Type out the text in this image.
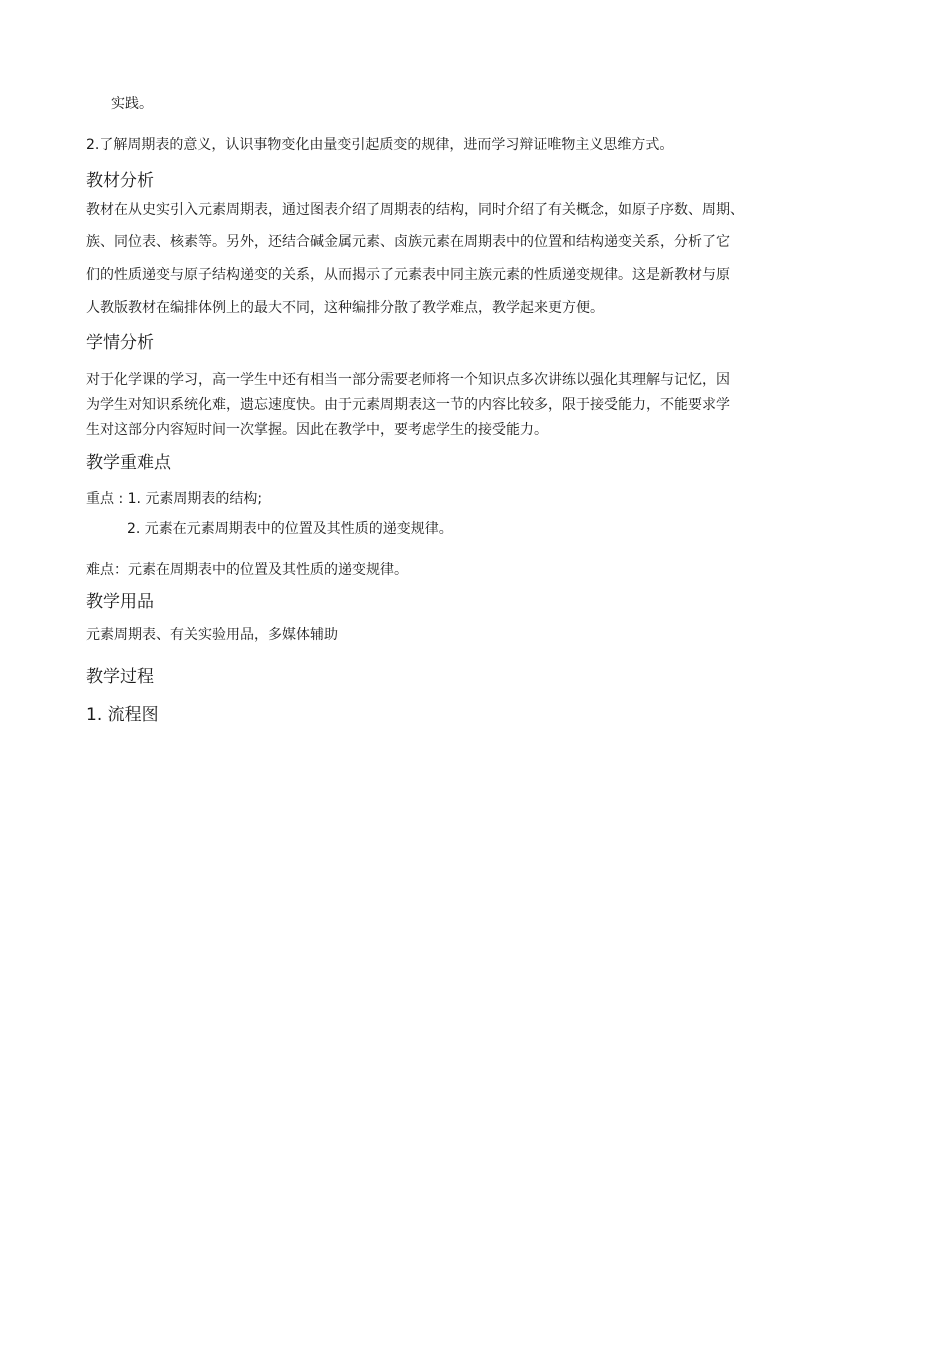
实践。
2.了解周期表的意义，认识事物变化由量变引起质变的规律，进而学习辩证唯物主义思维方式。
教材分析
教材在从史实引入元素周期表，通过图表介绍了周期表的结构，同时介绍了有关概念，如原子序数、周期、
族、同位表、核素等。另外，还结合碱金属元素、卤族元素在周期表中的位置和结构递变关系，分析了它
们的性质递变与原子结构递变的关系，从而揭示了元素表中同主族元素的性质递变规律。这是新教材与原
人教版教材在编排体例上的最大不同，这种编排分散了教学难点，教学起来更方便。
学情分析
对于化学课的学习，高一学生中还有相当一部分需要老师将一个知识点多次讲练以强化其理解与记忆，因
为学生对知识系统化难，遗忘速度快。由于元素周期表这一节的内容比较多，限于接受能力，不能要求学
生对这部分内容短时间一次掌握。因此在教学中，要考虑学生的接受能力。
教学重难点
重点 : 1. 元素周期表的结构;
2. 元素在元素周期表中的位置及其性质的递变规律。
难点：元素在周期表中的位置及其性质的递变规律。
教学用品
元素周期表、有关实验用品，多媒体辅助
教学过程
1. 流程图
